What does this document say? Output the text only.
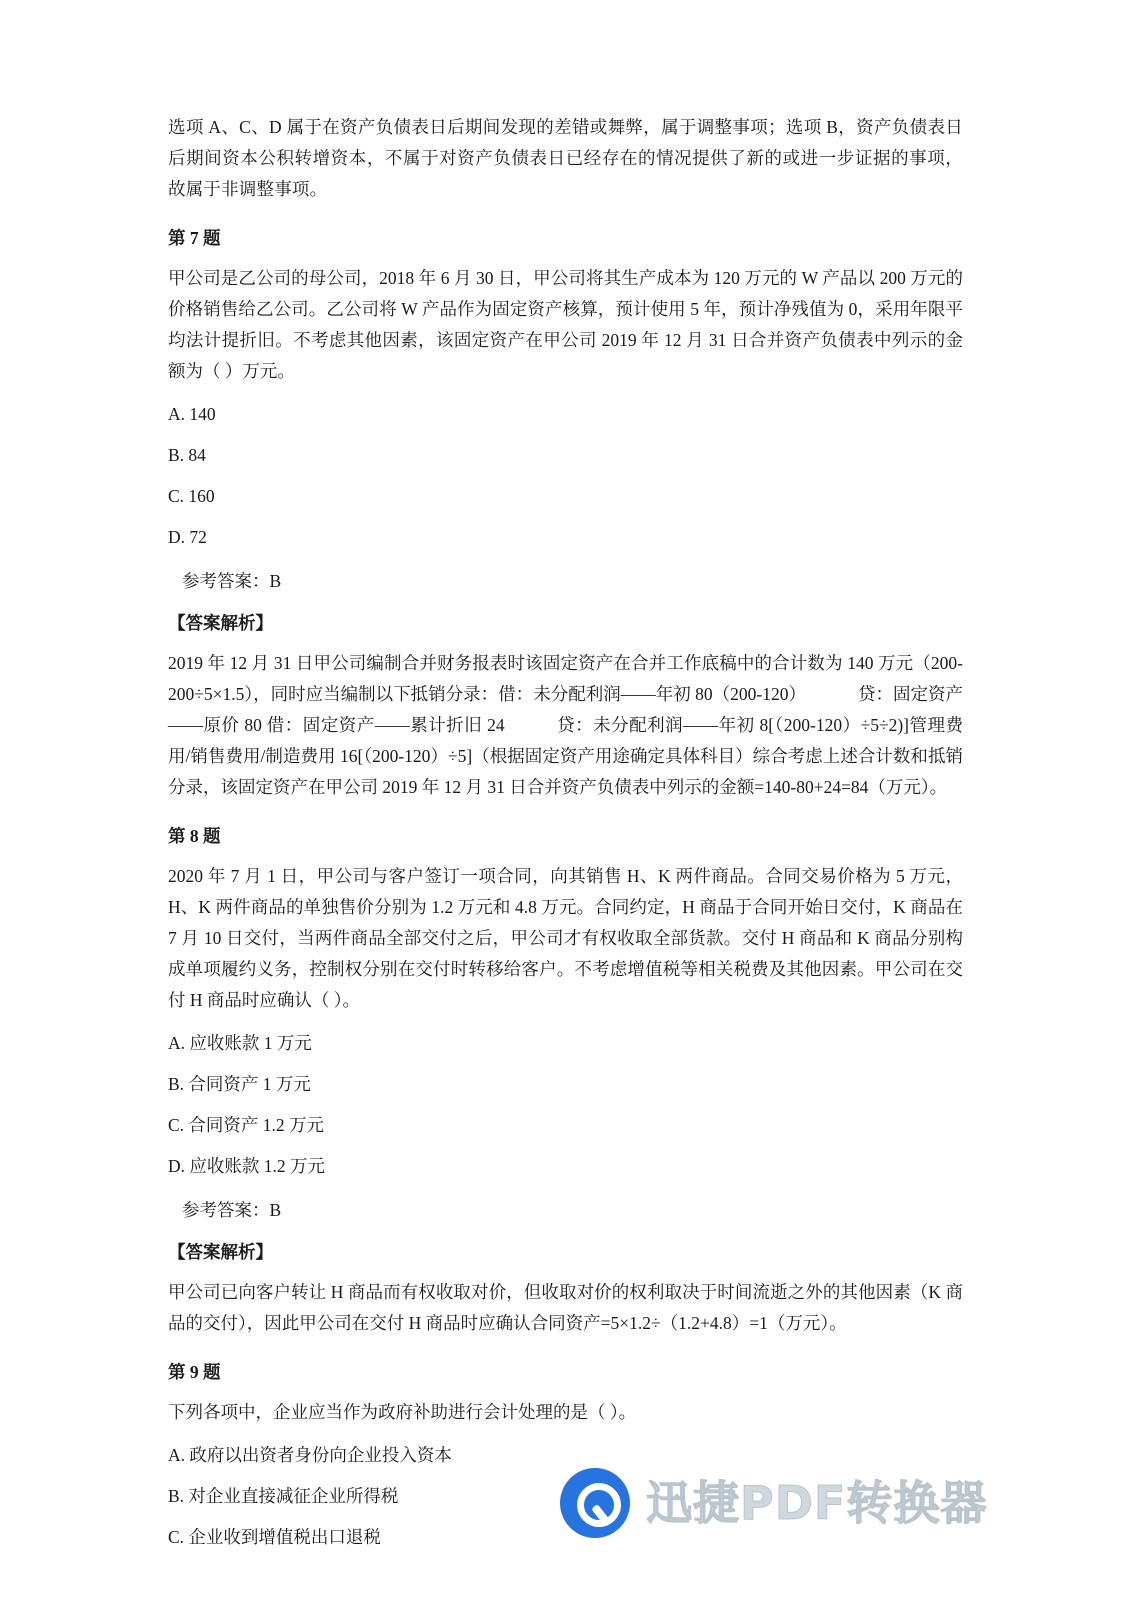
选项 A、C、D 属于在资产负债表日后期间发现的差错或舞弊，属于调整事项；选项 B，资产负债表日后期间资本公积转增资本，不属于对资产负债表日已经存在的情况提供了新的或进一步证据的事项，故属于非调整事项。

第 7 题

甲公司是乙公司的母公司，2018 年 6 月 30 日，甲公司将其生产成本为 120 万元的 W 产品以 200 万元的价格销售给乙公司。乙公司将 W 产品作为固定资产核算，预计使用 5 年，预计净残值为 0，采用年限平均法计提折旧。不考虑其他因素，该固定资产在甲公司 2019 年 12 月 31 日合并资产负债表中列示的金额为（ ）万元。

A. 140

B. 84

C. 160

D. 72

参考答案：B

【答案解析】

2019 年 12 月 31 日甲公司编制合并财务报表时该固定资产在合并工作底稿中的合计数为 140 万元（200-200÷5×1.5），同时应当编制以下抵销分录：借：未分配利润——年初 80（200-120）	贷：固定资产——原价 80 借：固定资产——累计折旧 24	贷：未分配利润——年初 8[（200-120）÷5÷2)]管理费用/销售费用/制造费用 16[（200-120）÷5]（根据固定资产用途确定具体科目）综合考虑上述合计数和抵销分录，该固定资产在甲公司 2019 年 12 月 31 日合并资产负债表中列示的金额=140-80+24=84（万元）。

第 8 题

2020 年 7 月 1 日，甲公司与客户签订一项合同，向其销售 H、K 两件商品。合同交易价格为 5 万元，H、K 两件商品的单独售价分别为 1.2 万元和 4.8 万元。合同约定，H 商品于合同开始日交付，K 商品在 7 月 10 日交付，当两件商品全部交付之后，甲公司才有权收取全部货款。交付 H 商品和 K 商品分别构成单项履约义务，控制权分别在交付时转移给客户。不考虑增值税等相关税费及其他因素。甲公司在交付 H 商品时应确认（ ）。

A. 应收账款 1 万元

B. 合同资产 1 万元

C. 合同资产 1.2 万元

D. 应收账款 1.2 万元

参考答案：B

【答案解析】

甲公司已向客户转让 H 商品而有权收取对价，但收取对价的权利取决于时间流逝之外的其他因素（K 商品的交付），因此甲公司在交付 H 商品时应确认合同资产=5×1.2÷（1.2+4.8）=1（万元）。

第 9 题

下列各项中，企业应当作为政府补助进行会计处理的是（ ）。

A. 政府以出资者身份向企业投入资本

B. 对企业直接减征企业所得税

C. 企业收到增值税出口退税

迅捷PDF转换器
